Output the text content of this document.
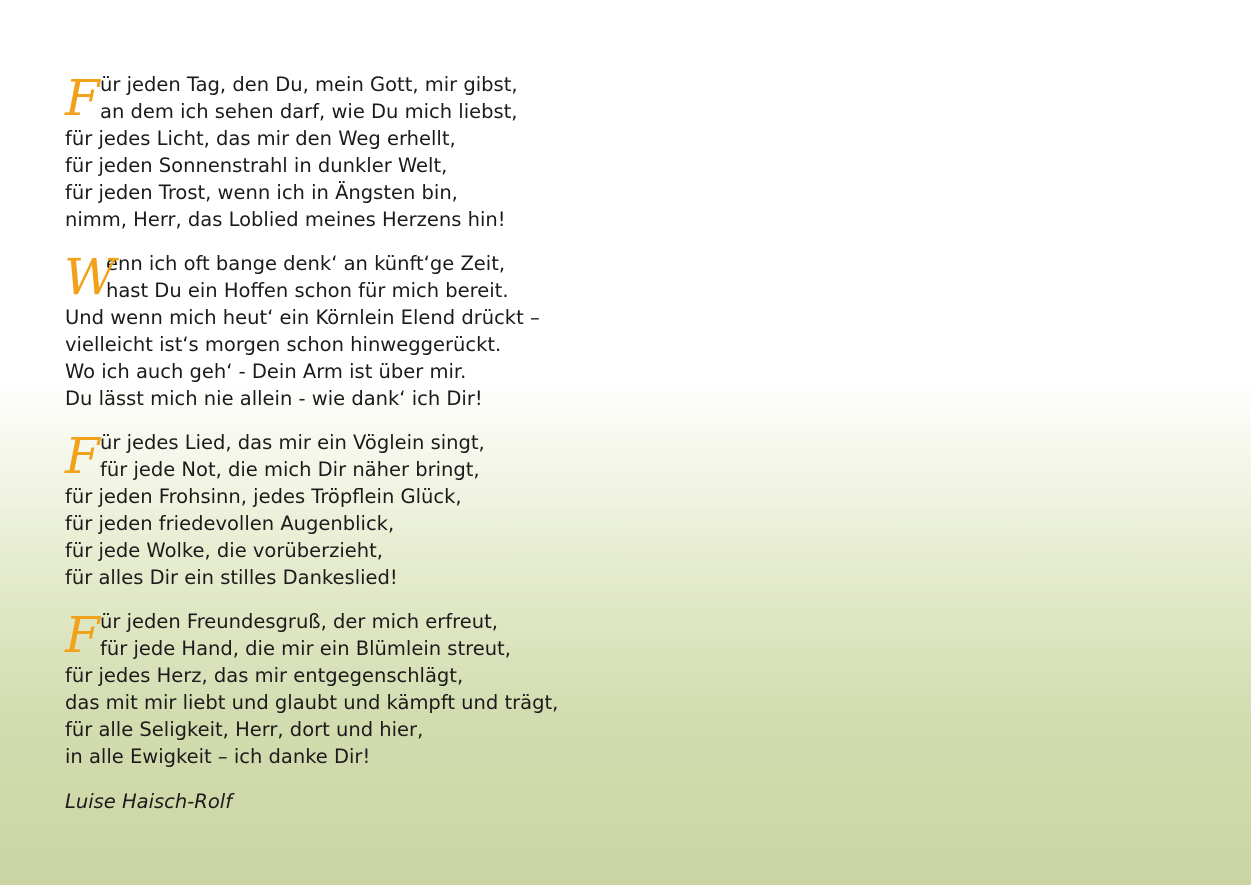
F ür jeden Tag, den Du, mein Gott, mir gibst,
an dem ich sehen darf, wie Du mich liebst,
für jedes Licht, das mir den Weg erhellt,
für jeden Sonnenstrahl in dunkler Welt,
für jeden Trost, wenn ich in Ängsten bin,
nimm, Herr, das Loblied meines Herzens hin!
W
enn ich oft bange denk‘ an künft‘ge Zeit,
hast Du ein Hoffen schon für mich bereit.
Und wenn mich heut‘ ein Körnlein Elend drückt –
vielleicht ist‘s morgen schon hinweggerückt.
Wo ich auch geh‘ - Dein Arm ist über mir.
Du lässt mich nie allein - wie dank‘ ich Dir!
F ür jedes Lied, das mir ein Vöglein singt,
für jede Not, die mich Dir näher bringt,
für jeden Frohsinn, jedes Tröpflein Glück,
für jeden friedevollen Augenblick,
für jede Wolke, die vorüberzieht,
für alles Dir ein stilles Dankeslied!
F ür jeden Freundesgruß, der mich erfreut,
für jede Hand, die mir ein Blümlein streut,
für jedes Herz, das mir entgegenschlägt,
das mit mir liebt und glaubt und kämpft und trägt,
für alle Seligkeit, Herr, dort und hier,
in alle Ewigkeit – ich danke Dir!
Luise Haisch-Rolf
